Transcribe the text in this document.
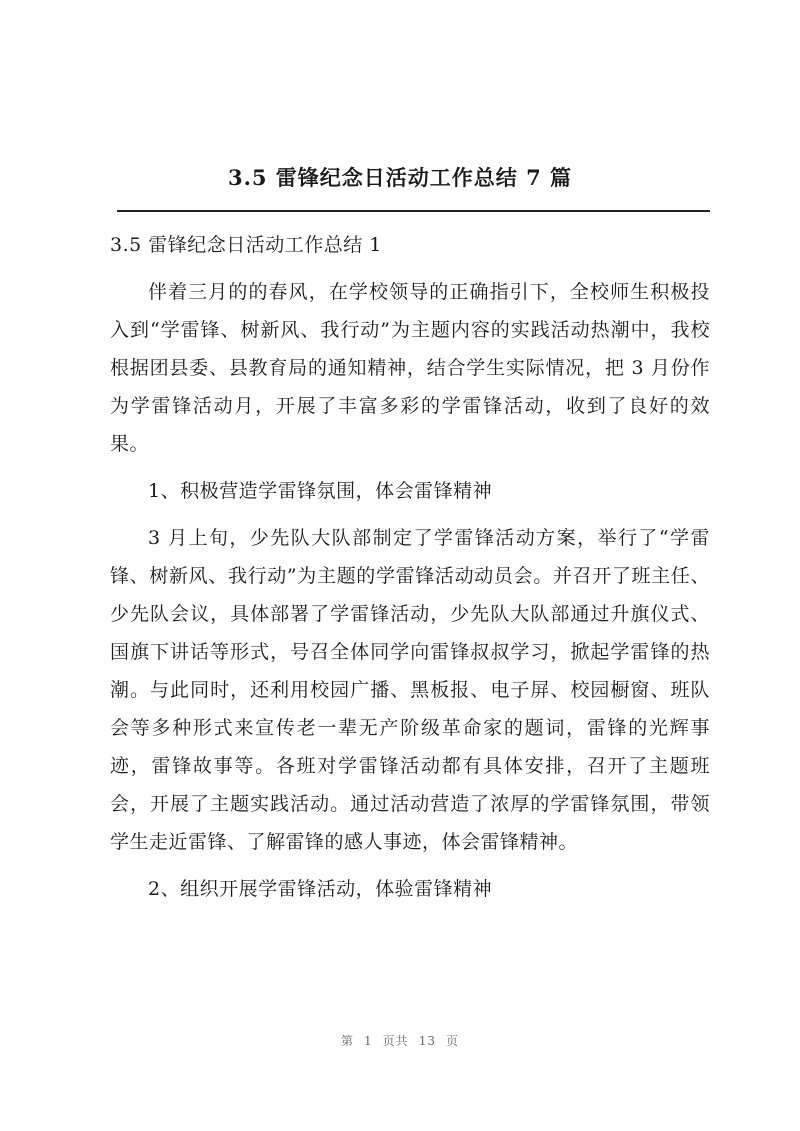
3.5 雷锋纪念日活动工作总结 7 篇

3.5 雷锋纪念日活动工作总结 1

伴着三月的的春风，在学校领导的正确指引下，全校师生积极投入到“学雷锋、树新风、我行动”为主题内容的实践活动热潮中，我校根据团县委、县教育局的通知精神，结合学生实际情况，把 3 月份作为学雷锋活动月，开展了丰富多彩的学雷锋活动，收到了良好的效果。

1、积极营造学雷锋氛围，体会雷锋精神

3 月上旬，少先队大队部制定了学雷锋活动方案，举行了“学雷锋、树新风、我行动”为主题的学雷锋活动动员会。并召开了班主任、少先队会议，具体部署了学雷锋活动，少先队大队部通过升旗仪式、国旗下讲话等形式，号召全体同学向雷锋叔叔学习，掀起学雷锋的热潮。与此同时，还利用校园广播、黑板报、电子屏、校园橱窗、班队会等多种形式来宣传老一辈无产阶级革命家的题词，雷锋的光辉事迹，雷锋故事等。各班对学雷锋活动都有具体安排，召开了主题班会，开展了主题实践活动。通过活动营造了浓厚的学雷锋氛围，带领学生走近雷锋、了解雷锋的感人事迹，体会雷锋精神。

2、组织开展学雷锋活动，体验雷锋精神

第 1 页共 13 页
